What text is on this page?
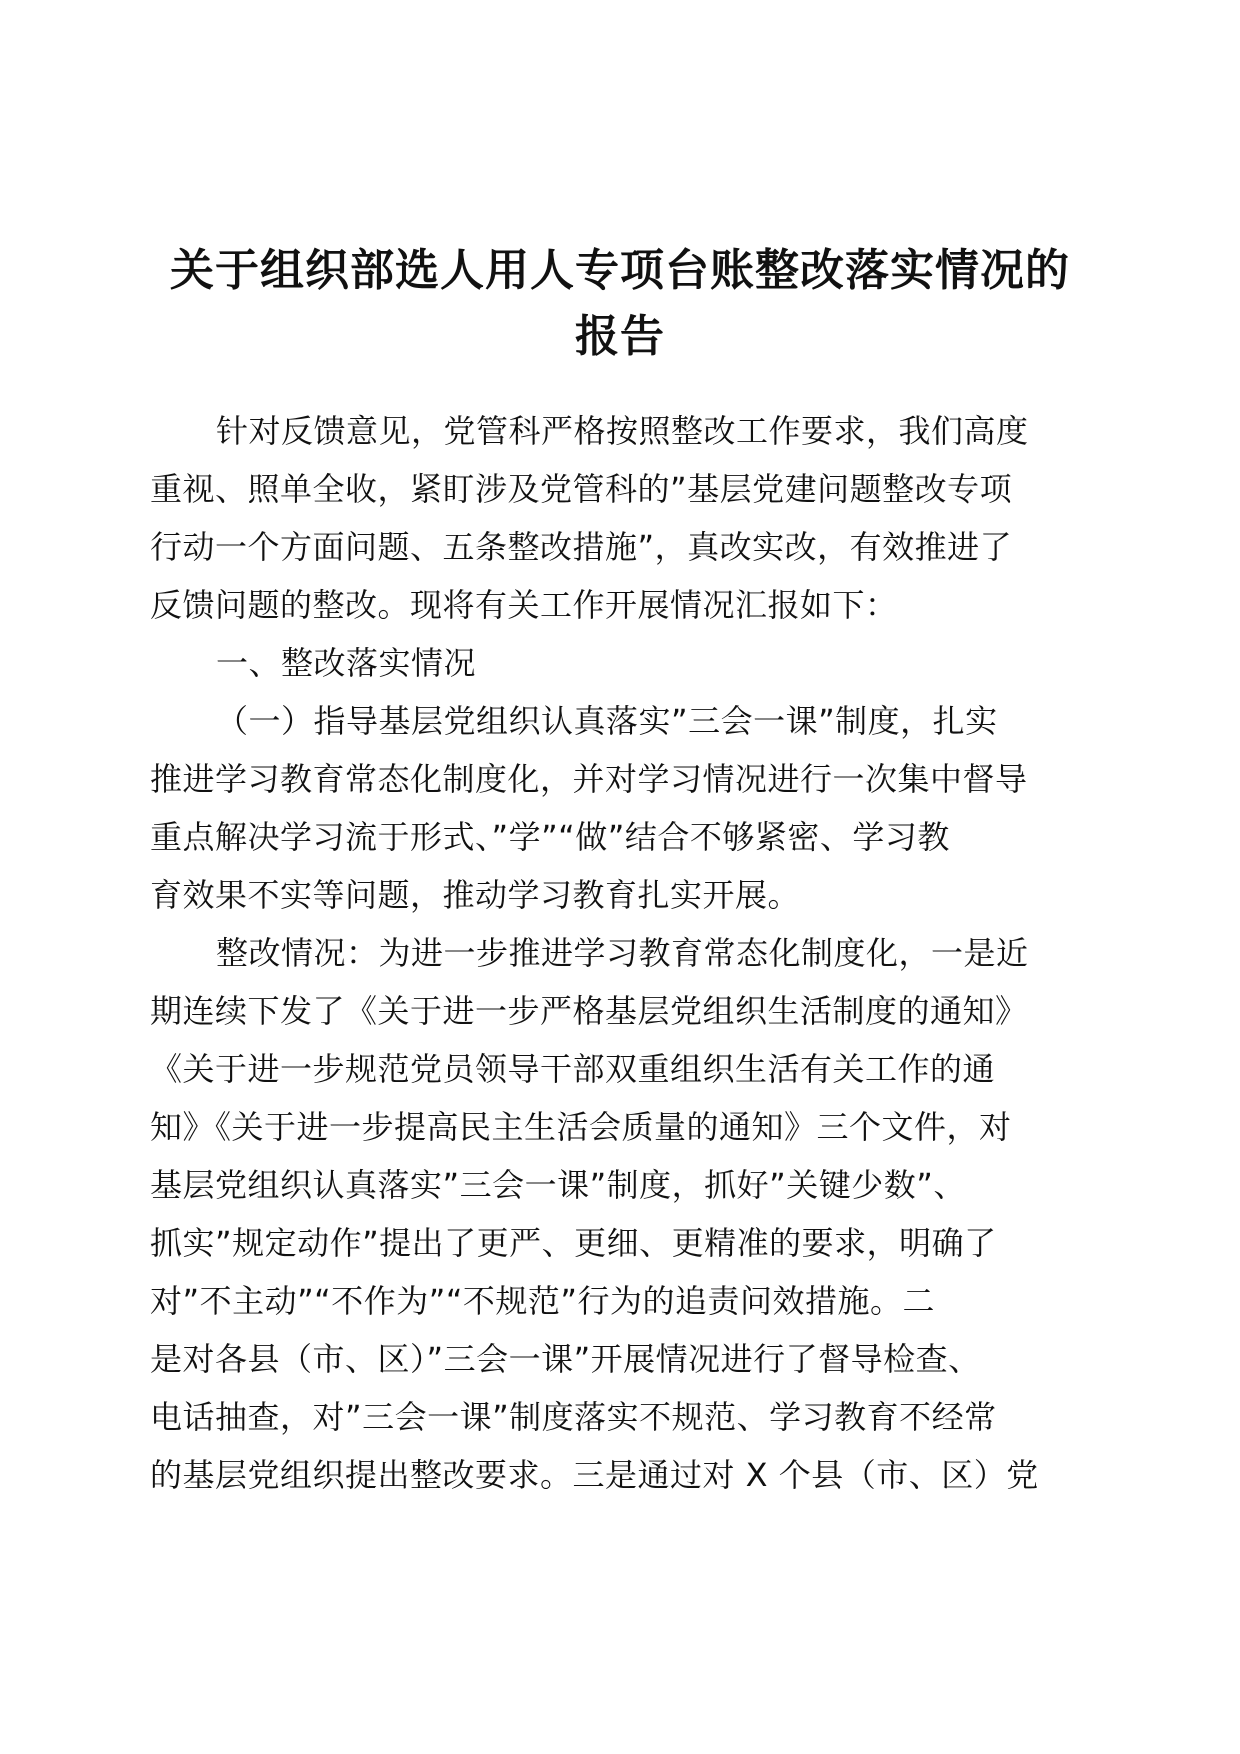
关于组织部选人用人专项台账整改落实情况的
报告
针对反馈意见，党管科严格按照整改工作要求，我们高度
重视、照单全收，紧盯涉及党管科的”基层党建问题整改专项
行动一个方面问题、五条整改措施”，真改实改，有效推进了
反馈问题的整改。现将有关工作开展情况汇报如下：
一、整改落实情况
（一）指导基层党组织认真落实”三会一课”制度，扎实
推进学习教育常态化制度化，并对学习情况进行一次集中督导
重点解决学习流于形式、”学”“做”结合不够紧密、学习教
育效果不实等问题，推动学习教育扎实开展。
整改情况：为进一步推进学习教育常态化制度化，一是近
期连续下发了《关于进一步严格基层党组织生活制度的通知》
《关于进一步规范党员领导干部双重组织生活有关工作的通
知》《关于进一步提高民主生活会质量的通知》三个文件，对
基层党组织认真落实”三会一课”制度，抓好”关键少数”、
抓实”规定动作”提出了更严、更细、更精准的要求，明确了
对”不主动”“不作为”“不规范”行为的追责问效措施。二
是对各县（市、区）”三会一课”开展情况进行了督导检查、
电话抽查，对”三会一课”制度落实不规范、学习教育不经常
的基层党组织提出整改要求。三是通过对 X 个县（市、区）党
